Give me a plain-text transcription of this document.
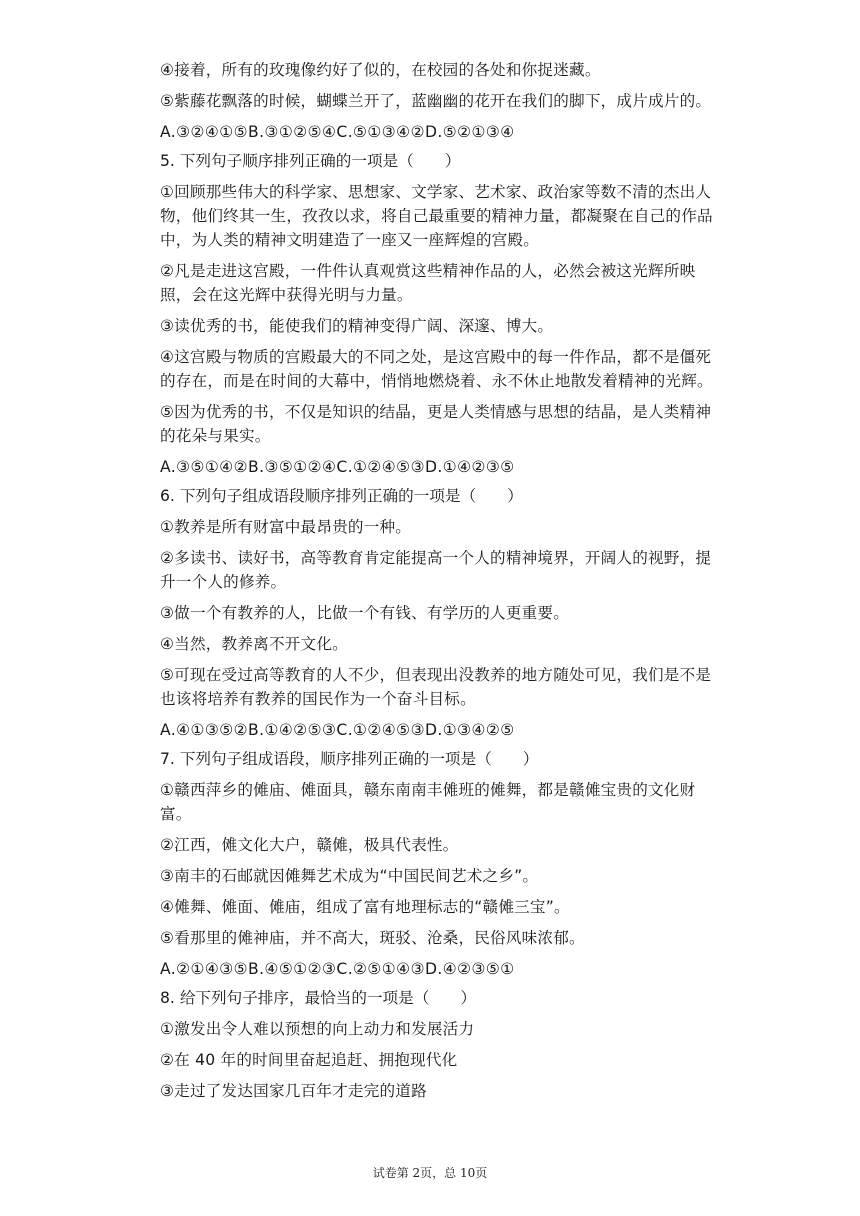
④接着，所有的玫瑰像约好了似的，在校园的各处和你捉迷藏。

⑤紫藤花飘落的时候，蝴蝶兰开了，蓝幽幽的花开在我们的脚下，成片成片的。

A.③②④①⑤B.③①②⑤④C.⑤①③④②D.⑤②①③④

5. 下列句子顺序排列正确的一项是（　　）

①回顾那些伟大的科学家、思想家、文学家、艺术家、政治家等数不清的杰出人物，他们终其一生，孜孜以求，将自己最重要的精神力量，都凝聚在自己的作品中，为人类的精神文明建造了一座又一座辉煌的宫殿。

②凡是走进这宫殿，一件件认真观赏这些精神作品的人，必然会被这光辉所映照，会在这光辉中获得光明与力量。

③读优秀的书，能使我们的精神变得广阔、深邃、博大。

④这宫殿与物质的宫殿最大的不同之处，是这宫殿中的每一件作品，都不是僵死的存在，而是在时间的大幕中，悄悄地燃烧着、永不休止地散发着精神的光辉。

⑤因为优秀的书，不仅是知识的结晶，更是人类情感与思想的结晶，是人类精神的花朵与果实。

A.③⑤①④②B.③⑤①②④C.①②④⑤③D.①④②③⑤

6. 下列句子组成语段顺序排列正确的一项是（　　）

①教养是所有财富中最昂贵的一种。

②多读书、读好书，高等教育肯定能提高一个人的精神境界，开阔人的视野，提升一个人的修养。

③做一个有教养的人，比做一个有钱、有学历的人更重要。

④当然，教养离不开文化。

⑤可现在受过高等教育的人不少，但表现出没教养的地方随处可见，我们是不是也该将培养有教养的国民作为一个奋斗目标。

A.④①③⑤②B.①④②⑤③C.①②④⑤③D.①③④②⑤

7. 下列句子组成语段，顺序排列正确的一项是（　　）

①赣西萍乡的傩庙、傩面具，赣东南南丰傩班的傩舞，都是赣傩宝贵的文化财富。

②江西，傩文化大户，赣傩，极具代表性。

③南丰的石邮就因傩舞艺术成为“中国民间艺术之乡”。

④傩舞、傩面、傩庙，组成了富有地理标志的“赣傩三宝”。

⑤看那里的傩神庙，并不高大，斑驳、沧桑，民俗风味浓郁。

A.②①④③⑤B.④⑤①②③C.②⑤①④③D.④②③⑤①

8. 给下列句子排序，最恰当的一项是（　　）

①激发出令人难以预想的向上动力和发展活力

②在 40 年的时间里奋起追赶、拥抱现代化

③走过了发达国家几百年才走完的道路

试卷第 2页，总 10页
